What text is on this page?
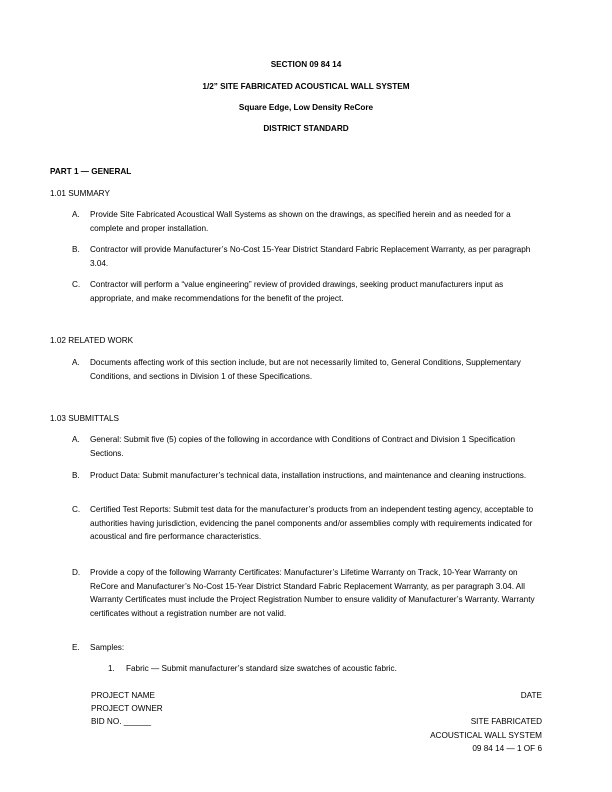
SECTION 09 84 14
1/2” SITE FABRICATED ACOUSTICAL WALL SYSTEM
Square Edge, Low Density ReCore
DISTRICT STANDARD
PART 1 — GENERAL
1.01 SUMMARY
A. Provide Site Fabricated Acoustical Wall Systems as shown on the drawings, as specified herein and as needed for a complete and proper installation.
B. Contractor will provide Manufacturer’s No-Cost 15-Year District Standard Fabric Replacement Warranty, as per paragraph 3.04.
C. Contractor will perform a “value engineering” review of provided drawings, seeking product manufacturers input as appropriate, and make recommendations for the benefit of the project.
1.02 RELATED WORK
A. Documents affecting work of this section include, but are not necessarily limited to, General Conditions, Supplementary Conditions, and sections in Division 1 of these Specifications.
1.03 SUBMITTALS
A. General: Submit five (5) copies of the following in accordance with Conditions of Contract and Division 1 Specification Sections.
B. Product Data: Submit manufacturer’s technical data, installation instructions, and maintenance and cleaning instructions.
C. Certified Test Reports: Submit test data for the manufacturer’s products from an independent testing agency, acceptable to authorities having jurisdiction, evidencing the panel components and/or assemblies comply with requirements indicated for acoustical and fire performance characteristics.
D. Provide a copy of the following Warranty Certificates: Manufacturer’s Lifetime Warranty on Track, 10-Year Warranty on ReCore and Manufacturer’s No-Cost 15-Year District Standard Fabric Replacement Warranty, as per paragraph 3.04. All Warranty Certificates must include the Project Registration Number to ensure validity of Manufacturer’s Warranty. Warranty certificates without a registration number are not valid.
E. Samples:
1. Fabric — Submit manufacturer’s standard size swatches of acoustic fabric.
PROJECT NAME
PROJECT OWNER
BID NO. ______
DATE
SITE FABRICATED
ACOUSTICAL WALL SYSTEM
09 84 14 — 1 OF 6
